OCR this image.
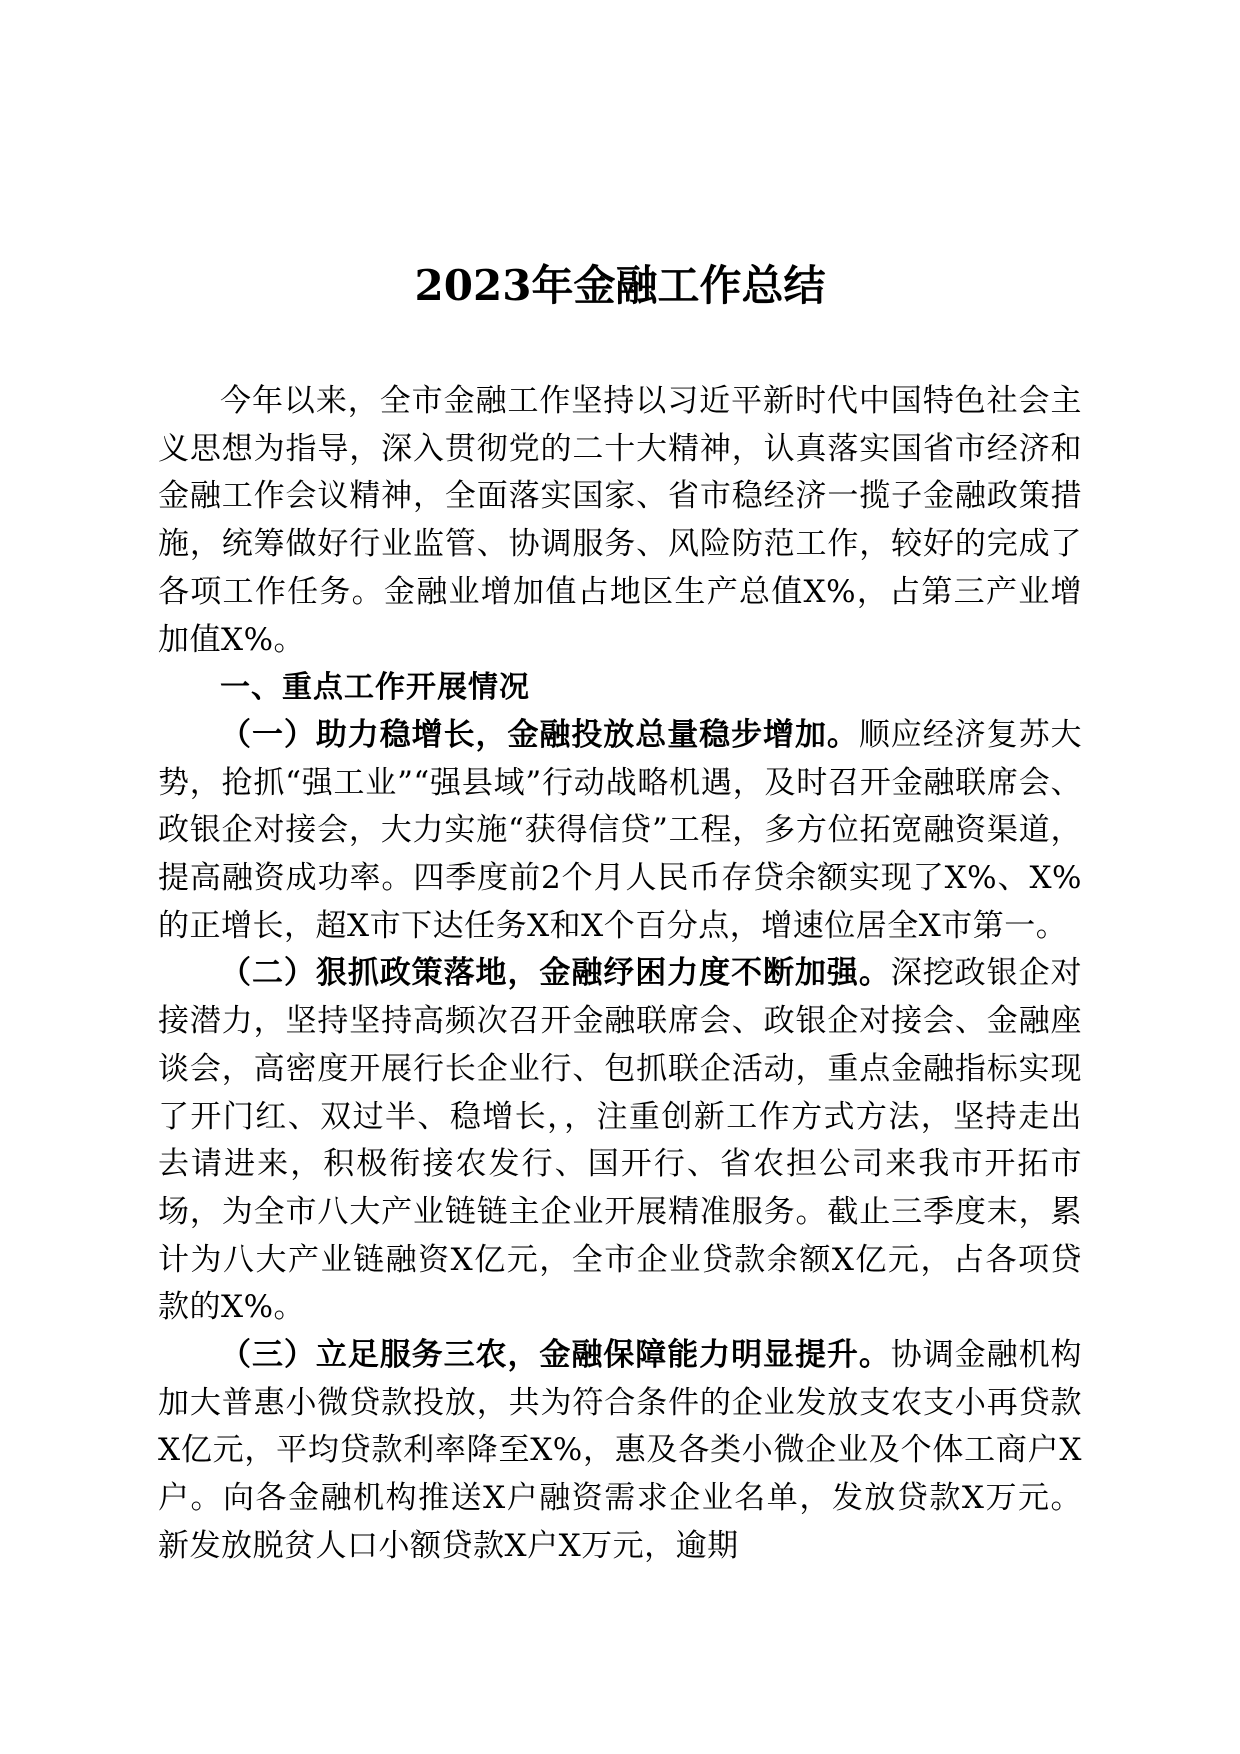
2023年金融工作总结

今年以来，全市金融工作坚持以习近平新时代中国特色社会主义思想为指导，深入贯彻党的二十大精神，认真落实国省市经济和金融工作会议精神，全面落实国家、省市稳经济一揽子金融政策措施，统筹做好行业监管、协调服务、风险防范工作，较好的完成了各项工作任务。金融业增加值占地区生产总值X%，占第三产业增加值X%。

一、重点工作开展情况

（一）助力稳增长，金融投放总量稳步增加。顺应经济复苏大势，抢抓“强工业”“强县域”行动战略机遇，及时召开金融联席会、政银企对接会，大力实施“获得信贷”工程，多方位拓宽融资渠道，提高融资成功率。四季度前2个月人民币存贷余额实现了X%、X%的正增长，超X市下达任务X和X个百分点，增速位居全X市第一。

（二）狠抓政策落地，金融纾困力度不断加强。深挖政银企对接潜力，坚持坚持高频次召开金融联席会、政银企对接会、金融座谈会，高密度开展行长企业行、包抓联企活动，重点金融指标实现了开门红、双过半、稳增长，，注重创新工作方式方法，坚持走出去请进来，积极衔接农发行、国开行、省农担公司来我市开拓市场，为全市八大产业链链主企业开展精准服务。截止三季度末，累计为八大产业链融资X亿元，全市企业贷款余额X亿元，占各项贷款的X%。

（三）立足服务三农，金融保障能力明显提升。协调金融机构加大普惠小微贷款投放，共为符合条件的企业发放支农支小再贷款X亿元，平均贷款利率降至X%，惠及各类小微企业及个体工商户X户。向各金融机构推送X户融资需求企业名单，发放贷款X万元。新发放脱贫人口小额贷款X户X万元，逾期
